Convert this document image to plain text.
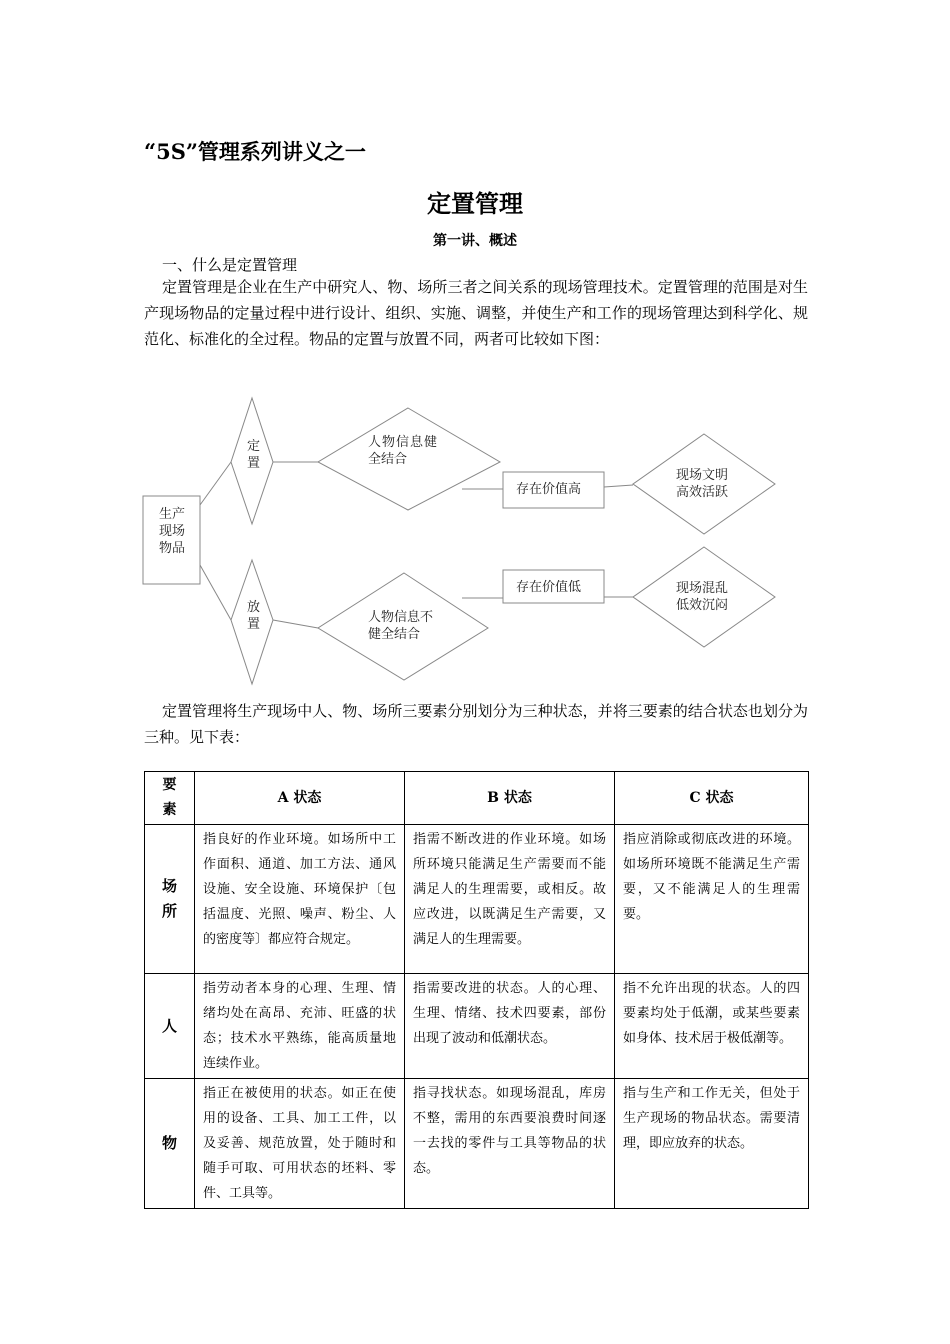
“5S”管理系列讲义之一
定置管理
第一讲、概述
一、什么是定置管理
定置管理是企业在生产中研究人、物、场所三者之间关系的现场管理技术。定置管理的范围是对生产现场物品的定量过程中进行设计、组织、实施、调整，并使生产和工作的现场管理达到科学化、规范化、标准化的全过程。物品的定置与放置不同，两者可比较如下图：
生产
现场
物品
定
置
放
置
人物信息健
全结合
人物信息不
健全结合
存在价值高
存在价值低
现场文明
高效活跃
现场混乱
低效沉闷
定置管理将生产现场中人、物、场所三要素分别划分为三种状态，并将三要素的结合状态也划分为三种。见下表：
要
素	A 状态	B 状态	C 状态

场
所	指良好的作业环境。如场所中工作面积、通道、加工方法、通风设施、安全设施、环境保护〔包括温度、光照、噪声、粉尘、人的密度等〕都应符合规定。	指需不断改进的作业环境。如场所环境只能满足生产需要而不能满足人的生理需要，或相反。故应改进，以既满足生产需要，又满足人的生理需要。	指应消除或彻底改进的环境。如场所环境既不能满足生产需要，又不能满足人的生理需要。

人	指劳动者本身的心理、生理、情绪均处在高昂、充沛、旺盛的状态；技术水平熟练，能高质量地连续作业。	指需要改进的状态。人的心理、生理、情绪、技术四要素，部份出现了波动和低潮状态。	指不允许出现的状态。人的四要素均处于低潮，或某些要素如身体、技术居于极低潮等。

物	指正在被使用的状态。如正在使用的设备、工具、加工工件，以及妥善、规范放置，处于随时和随手可取、可用状态的坯料、零件、工具等。	指寻找状态。如现场混乱，库房不整，需用的东西要浪费时间逐一去找的零件与工具等物品的状态。	指与生产和工作无关，但处于生产现场的物品状态。需要清理，即应放弃的状态。
